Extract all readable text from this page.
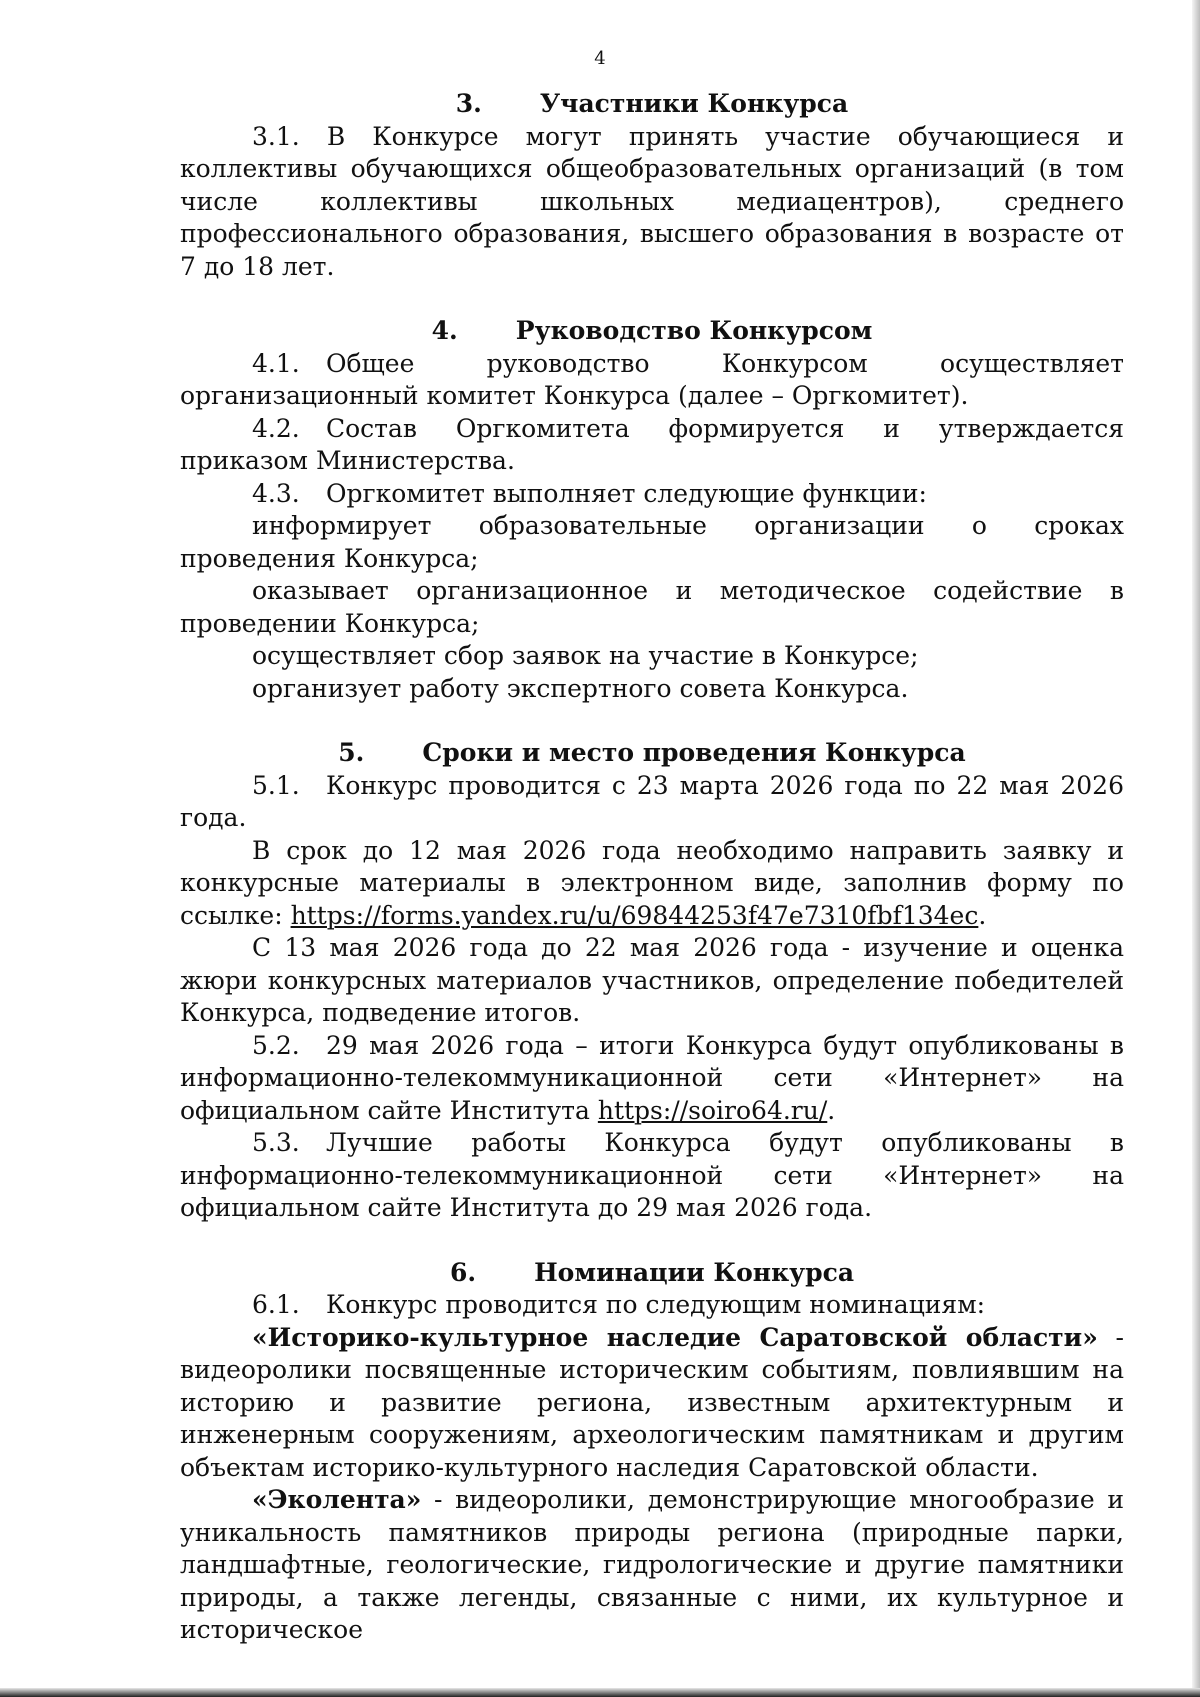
4

3. Участники Конкурса

3.1. В Конкурсе могут принять участие обучающиеся и коллективы обучающихся общеобразовательных организаций (в том числе коллективы школьных медиацентров), среднего профессионального образования, высшего образования в возрасте от 7 до 18 лет.

4. Руководство Конкурсом

4.1. Общее руководство Конкурсом осуществляет организационный комитет Конкурса (далее – Оргкомитет).

4.2. Состав Оргкомитета формируется и утверждается приказом Министерства.

4.3. Оргкомитет выполняет следующие функции:

информирует образовательные организации о сроках проведения Конкурса;

оказывает организационное и методическое содействие в проведении Конкурса;

осуществляет сбор заявок на участие в Конкурсе;

организует работу экспертного совета Конкурса.

5. Сроки и место проведения Конкурса

5.1. Конкурс проводится с 23 марта 2026 года по 22 мая 2026 года.

В срок до 12 мая 2026 года необходимо направить заявку и конкурсные материалы в электронном виде, заполнив форму по ссылке: https://forms.yandex.ru/u/69844253f47e7310fbf134ec.

С 13 мая 2026 года до 22 мая 2026 года - изучение и оценка жюри конкурсных материалов участников, определение победителей Конкурса, подведение итогов.

5.2. 29 мая 2026 года – итоги Конкурса будут опубликованы в информационно-телекоммуникационной сети «Интернет» на официальном сайте Института https://soiro64.ru/.

5.3. Лучшие работы Конкурса будут опубликованы в информационно-телекоммуникационной сети «Интернет» на официальном сайте Института до 29 мая 2026 года.

6. Номинации Конкурса

6.1. Конкурс проводится по следующим номинациям:

«Историко-культурное наследие Саратовской области» - видеоролики посвященные историческим событиям, повлиявшим на историю и развитие региона, известным архитектурным и инженерным сооружениям, археологическим памятникам и другим объектам историко-культурного наследия Саратовской области.

«Эколента» - видеоролики, демонстрирующие многообразие и уникальность памятников природы региона (природные парки, ландшафтные, геологические, гидрологические и другие памятники природы, а также легенды, связанные с ними, их культурное и историческое
